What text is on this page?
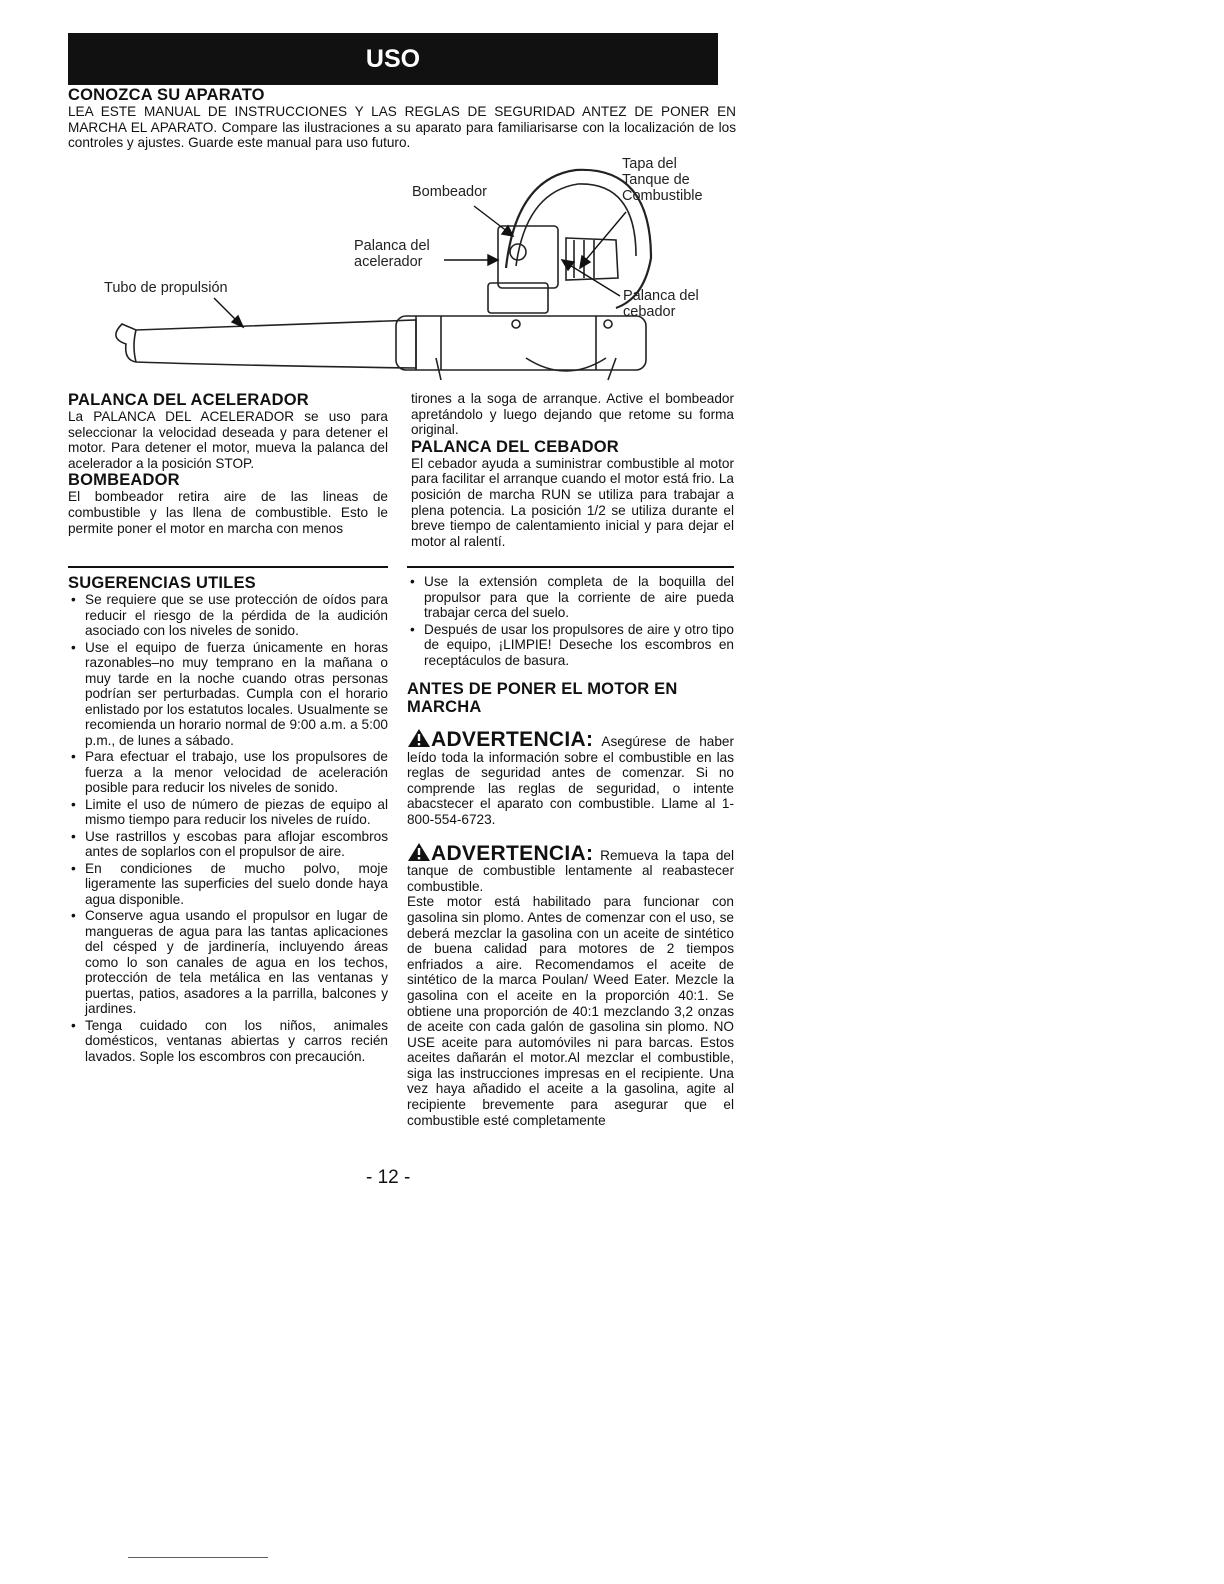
USO

CONOZCA SU APARATO

LEA ESTE MANUAL DE INSTRUCCIONES Y LAS REGLAS DE SEGURIDAD ANTEZ DE PONER EN MARCHA EL APARATO. Compare las ilustraciones a su aparato para familiarisarse con la localización de los controles y ajustes. Guarde este manual para uso futuro.

Tapa del
Tanque de
Combustible
Bombeador
Palanca del
acelerador
Tubo de propulsión	Palanca del
cebador

PALANCA DEL ACELERADOR

La PALANCA DEL ACELERADOR se uso para seleccionar la velocidad deseada y para detener el motor. Para detener el motor, mueva la palanca del acelerador a la posición STOP.

BOMBEADOR

El bombeador retira aire de las lineas de combustible y las llena de combustible. Esto le permite poner el motor en marcha con menos

tirones a la soga de arranque. Active el bombeador apretándolo y luego dejando que retome su forma original.

PALANCA DEL CEBADOR

El cebador ayuda a suministrar combustible al motor para facilitar el arranque cuando el motor está frio. La posición de marcha RUN se utiliza para trabajar a plena potencia. La posición 1/2 se utiliza durante el breve tiempo de calentamiento inicial y para dejar el motor al ralentí.

SUGERENCIAS UTILES

• Se requiere que se use protección de oídos para reducir el riesgo de la pérdida de la audición asociado con los niveles de sonido.
• Use el equipo de fuerza únicamente en horas razonables–no muy temprano en la mañana o muy tarde en la noche cuando otras personas podrían ser perturbadas. Cumpla con el horario enlistado por los estatutos locales. Usualmente se recomienda un horario normal de 9:00 a.m. a 5:00 p.m., de lunes a sábado.
• Para efectuar el trabajo, use los propulsores de fuerza a la menor velocidad de aceleración posible para reducir los niveles de sonido.
• Limite el uso de número de piezas de equipo al mismo tiempo para reducir los niveles de ruído.
• Use rastrillos y escobas para aflojar escombros antes de soplarlos con el propulsor de aire.
• En condiciones de mucho polvo, moje ligeramente las superficies del suelo donde haya agua disponible.
• Conserve agua usando el propulsor en lugar de mangueras de agua para las tantas aplicaciones del césped y de jardinería, incluyendo áreas como lo son canales de agua en los techos, protección de tela metálica en las ventanas y puertas, patios, asadores a la parrilla, balcones y jardines.
• Tenga cuidado con los niños, animales domésticos, ventanas abiertas y carros recién lavados. Sople los escombros con precaución.
• Use la extensión completa de la boquilla del propulsor para que la corriente de aire pueda trabajar cerca del suelo.
• Después de usar los propulsores de aire y otro tipo de equipo, ¡LIMPIE! Deseche los escombros en receptáculos de basura.

ANTES DE PONER EL MOTOR EN MARCHA

ADVERTENCIA: Asegúrese de haber leído toda la información sobre el combustible en las reglas de seguridad antes de comenzar. Si no comprende las reglas de seguridad, o intente abacstecer el aparato con combustible. Llame al 1-800-554-6723.

ADVERTENCIA: Remueva la tapa del tanque de combustible lentamente al reabastecer combustible.

Este motor está habilitado para funcionar con gasolina sin plomo. Antes de comenzar con el uso, se deberá mezclar la gasolina con un aceite de sintético de buena calidad para motores de 2 tiempos enfriados a aire. Recomendamos el aceite de sintético de la marca Poulan/ Weed Eater. Mezcle la gasolina con el aceite en la proporción 40:1. Se obtiene una proporción de 40:1 mezclando 3,2 onzas de aceite con cada galón de gasolina sin plomo. NO USE aceite para automóviles ni para barcas. Estos aceites dañarán el motor.Al mezclar el combustible, siga las instrucciones impresas en el recipiente. Una vez haya añadido el aceite a la gasolina, agite al recipiente brevemente para asegurar que el combustible esté completamente

- 12 -
